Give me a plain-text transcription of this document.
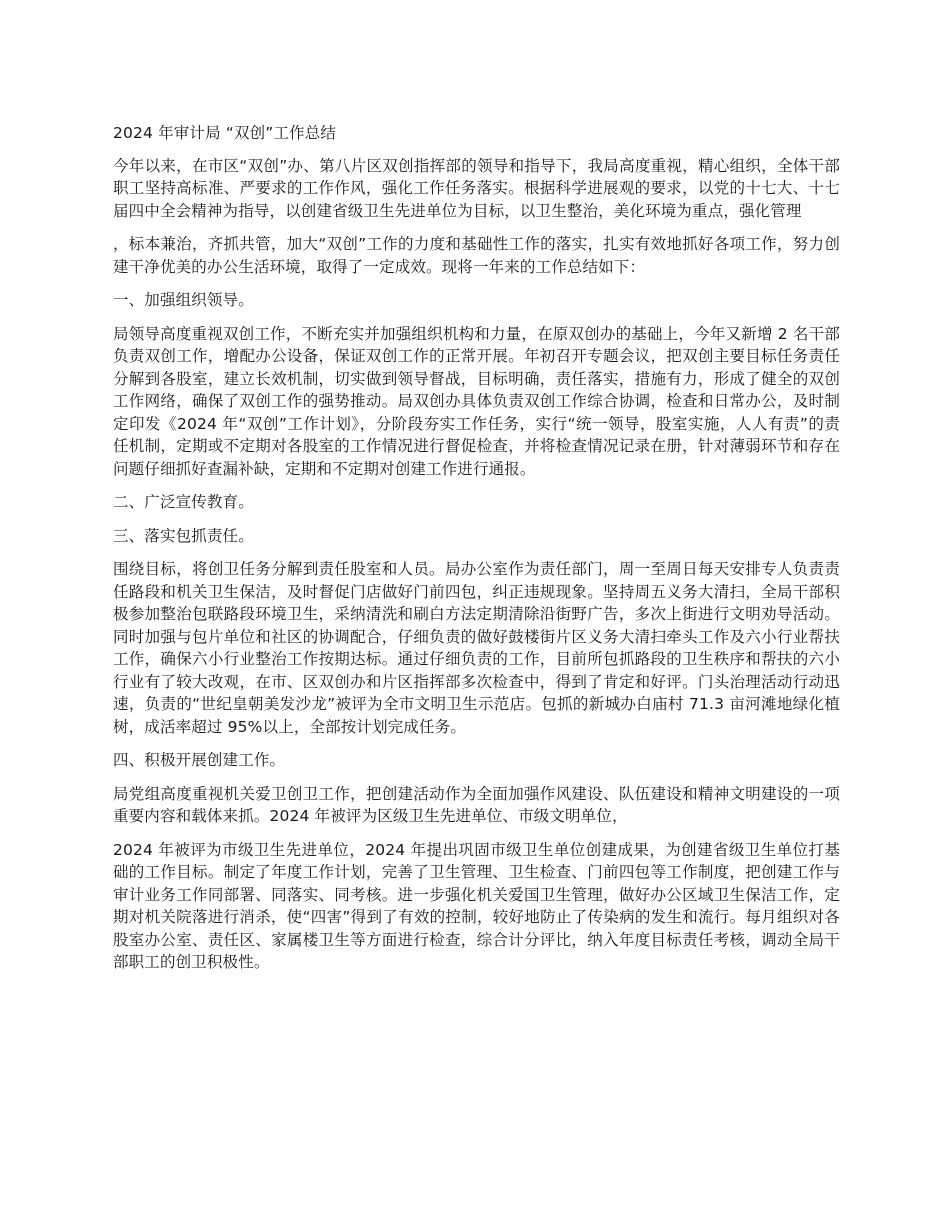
2024 年审计局 “双创”工作总结

今年以来，在市区“双创”办、第八片区双创指挥部的领导和指导下，我局高度重视，精心组织，全体干部职工坚持高标准、严要求的工作作风，强化工作任务落实。根据科学进展观的要求，以党的十七大、十七届四中全会精神为指导，以创建省级卫生先进单位为目标，以卫生整治，美化环境为重点，强化管理

，标本兼治，齐抓共管，加大“双创”工作的力度和基础性工作的落实，扎实有效地抓好各项工作，努力创建干净优美的办公生活环境，取得了一定成效。现将一年来的工作总结如下：

一、加强组织领导。

局领导高度重视双创工作，不断充实并加强组织机构和力量，在原双创办的基础上，今年又新增 2 名干部负责双创工作，增配办公设备，保证双创工作的正常开展。年初召开专题会议，把双创主要目标任务责任分解到各股室，建立长效机制，切实做到领导督战，目标明确，责任落实，措施有力，形成了健全的双创工作网络，确保了双创工作的强势推动。局双创办具体负责双创工作综合协调，检查和日常办公，及时制定印发《2024 年“双创”工作计划》，分阶段夯实工作任务，实行“统一领导，股室实施，人人有责”的责任机制，定期或不定期对各股室的工作情况进行督促检查，并将检查情况记录在册，针对薄弱环节和存在问题仔细抓好查漏补缺，定期和不定期对创建工作进行通报。

二、广泛宣传教育。

三、落实包抓责任。

围绕目标，将创卫任务分解到责任股室和人员。局办公室作为责任部门，周一至周日每天安排专人负责责任路段和机关卫生保洁，及时督促门店做好门前四包，纠正违规现象。坚持周五义务大清扫，全局干部积极参加整治包联路段环境卫生，采纳清洗和刷白方法定期清除沿街野广告，多次上街进行文明劝导活动。同时加强与包片单位和社区的协调配合，仔细负责的做好鼓楼街片区义务大清扫牵头工作及六小行业帮扶工作，确保六小行业整治工作按期达标。通过仔细负责的工作，目前所包抓路段的卫生秩序和帮扶的六小行业有了较大改观，在市、区双创办和片区指挥部多次检查中，得到了肯定和好评。门头治理活动行动迅速，负责的“世纪皇朝美发沙龙”被评为全市文明卫生示范店。包抓的新城办白庙村 71.3 亩河滩地绿化植树，成活率超过 95%以上，全部按计划完成任务。

四、积极开展创建工作。

局党组高度重视机关爱卫创卫工作，把创建活动作为全面加强作风建设、队伍建设和精神文明建设的一项重要内容和载体来抓。2024 年被评为区级卫生先进单位、市级文明单位，

2024 年被评为市级卫生先进单位，2024 年提出巩固市级卫生单位创建成果，为创建省级卫生单位打基础的工作目标。制定了年度工作计划，完善了卫生管理、卫生检查、门前四包等工作制度，把创建工作与审计业务工作同部署、同落实、同考核。进一步强化机关爱国卫生管理，做好办公区域卫生保洁工作，定期对机关院落进行消杀，使“四害”得到了有效的控制，较好地防止了传染病的发生和流行。每月组织对各股室办公室、责任区、家属楼卫生等方面进行检查，综合计分评比，纳入年度目标责任考核，调动全局干部职工的创卫积极性。
